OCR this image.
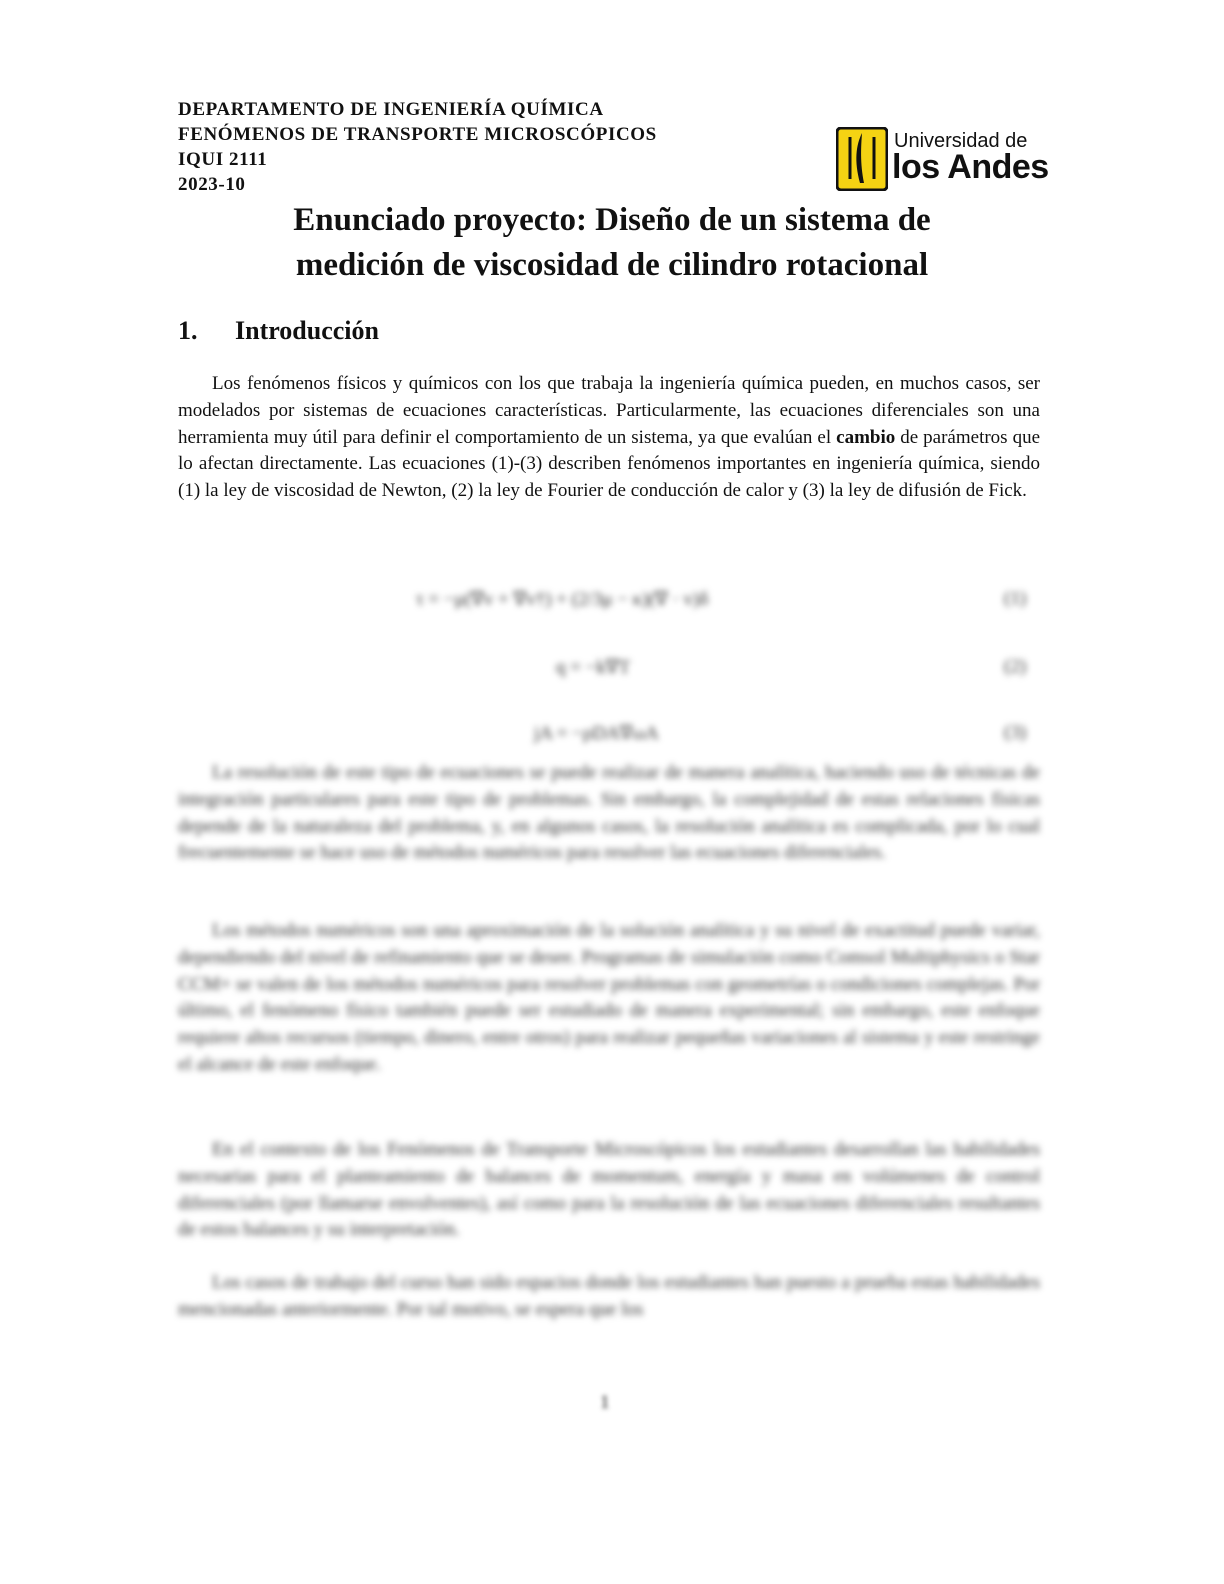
DEPARTAMENTO DE INGENIERÍA QUÍMICA
FENÓMENOS DE TRANSPORTE MICROSCÓPICOS
IQUI 2111
2023-10
Universidad de
los Andes
Enunciado proyecto: Diseño de un sistema de
medición de viscosidad de cilindro rotacional
1. Introducción

Los fenómenos físicos y químicos con los que trabaja la ingeniería química pueden, en muchos casos, ser modelados por sistemas de ecuaciones características. Particularmente, las ecuaciones diferenciales son una herramienta muy útil para definir el comportamiento de un sistema, ya que evalúan el cambio de parámetros que lo afectan directamente. Las ecuaciones (1)-(3) describen fenómenos importantes en ingeniería química, siendo (1) la ley de viscosidad de Newton, (2) la ley de Fourier de conducción de calor y (3) la ley de difusión de Fick.

τ = −μ(∇v + ∇v†) + (2/3μ − κ)(∇ · v)δ	(1)
q = −k∇T	(2)
jA = −ρDA∇ωA	(3)

La resolución de este tipo de ecuaciones se puede realizar de manera analítica, haciendo uso de técnicas de integración particulares para este tipo de problemas. Sin embargo, la complejidad de estas relaciones físicas depende de la naturaleza del problema, y, en algunos casos, la resolución analítica es complicada, por lo cual frecuentemente se hace uso de métodos numéricos para resolver las ecuaciones diferenciales.

Los métodos numéricos son una aproximación de la solución analítica y su nivel de exactitud puede variar, dependiendo del nivel de refinamiento que se desee. Programas de simulación como Comsol Multiphysics o Star CCM+ se valen de los métodos numéricos para resolver problemas con geometrías o condiciones complejas. Por último, el fenómeno físico también puede ser estudiado de manera experimental; sin embargo, este enfoque requiere altos recursos (tiempo, dinero, entre otros) para realizar pequeñas variaciones al sistema y este restringe el alcance de este enfoque.

En el contexto de los Fenómenos de Transporte Microscópicos los estudiantes desarrollan las habilidades necesarias para el planteamiento de balances de momentum, energía y masa en volúmenes de control diferenciales (por llamarse envolventes), así como para la resolución de las ecuaciones diferenciales resultantes de estos balances y su interpretación.

Los casos de trabajo del curso han sido espacios donde los estudiantes han puesto a prueba estas habilidades mencionadas anteriormente. Por tal motivo, se espera que los

1
